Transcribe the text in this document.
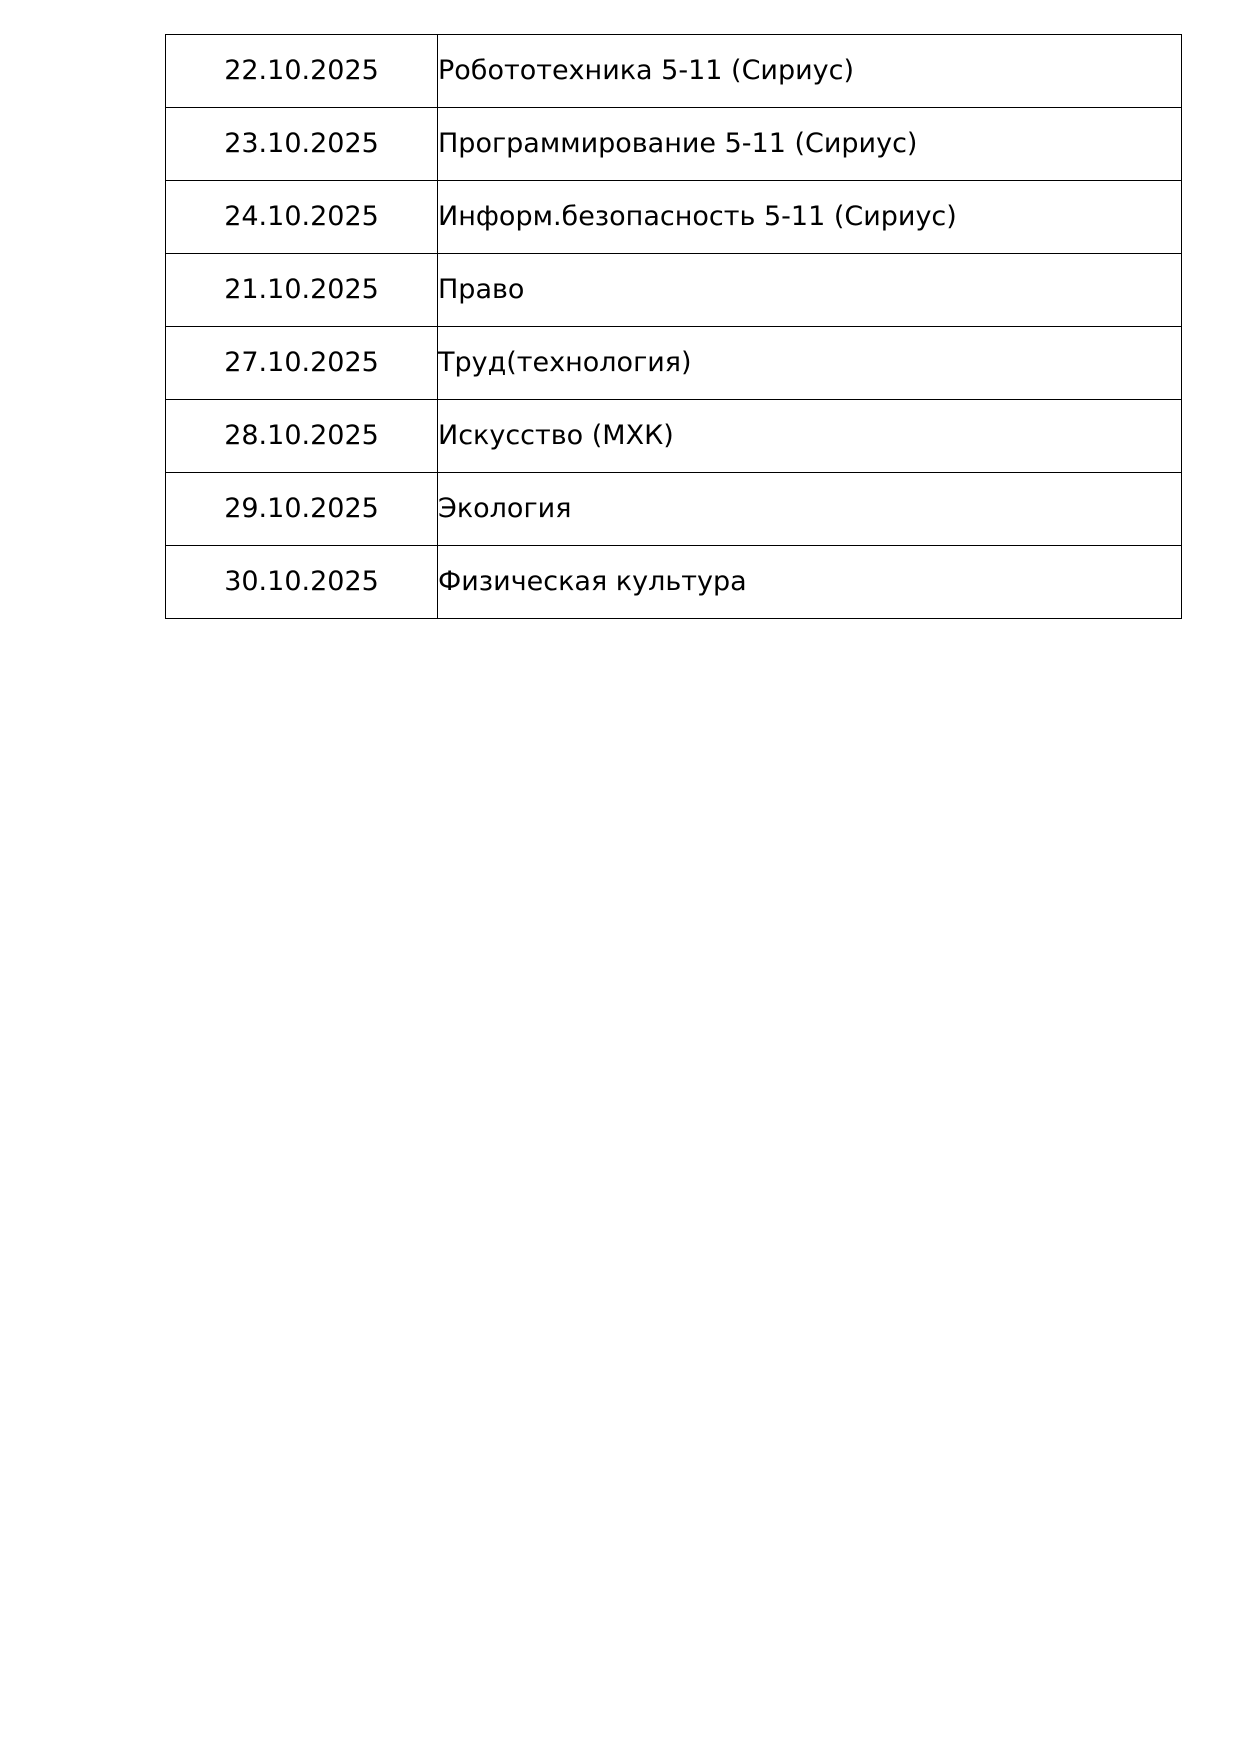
22.10.2025	Робототехника 5-11 (Сириус)
23.10.2025	Программирование 5-11 (Сириус)
24.10.2025	Информ.безопасность 5-11 (Сириус)
21.10.2025	Право
27.10.2025	Труд(технология)
28.10.2025	Искусство (МХК)
29.10.2025	Экология
30.10.2025	Физическая культура
